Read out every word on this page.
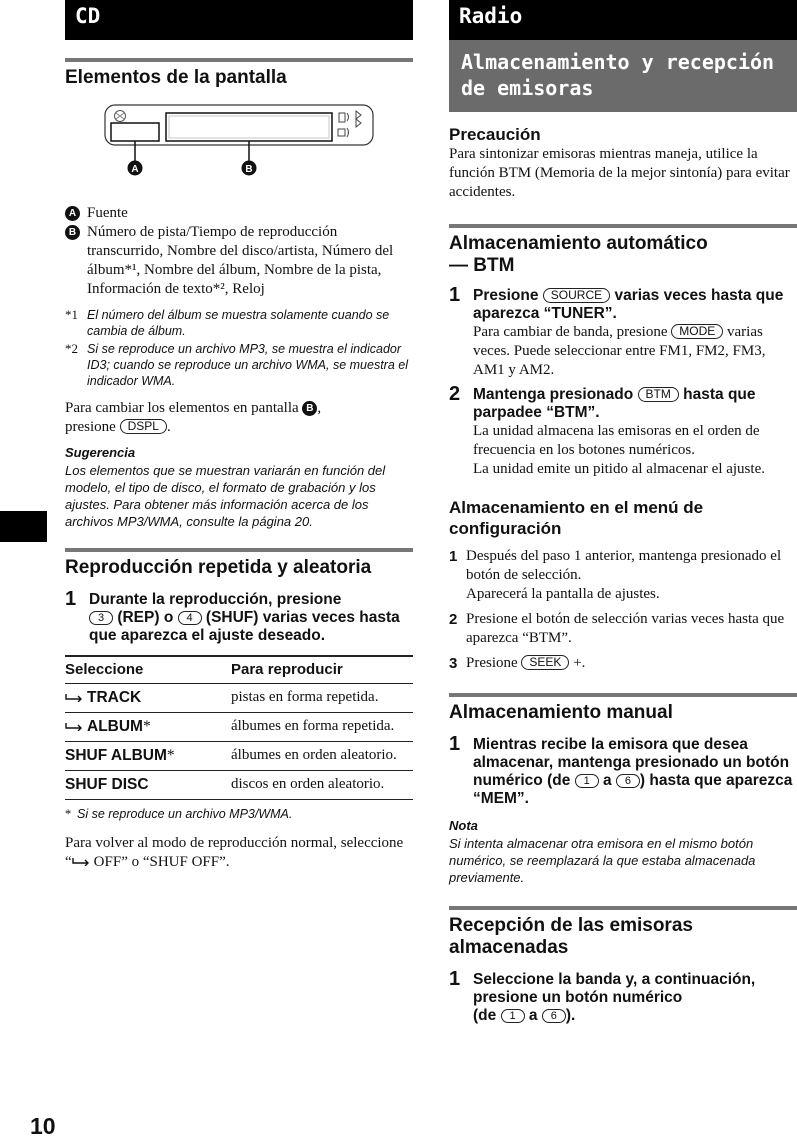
CD
Elementos de la pantalla
A	B
A Fuente
B Número de pista/Tiempo de reproducción transcurrido, Nombre del disco/artista, Número del álbum*¹, Nombre del álbum, Nombre de la pista, Información de texto*², Reloj
*1 El número del álbum se muestra solamente cuando se cambia de álbum.
*2 Si se reproduce un archivo MP3, se muestra el indicador ID3; cuando se reproduce un archivo WMA, se muestra el indicador WMA.
Para cambiar los elementos en pantalla B ,
presione DSPL .
Sugerencia
Los elementos que se muestran variarán en función del modelo, el tipo de disco, el formato de grabación y los ajustes. Para obtener más información acerca de los archivos MP3/WMA, consulte la página 20.
Reproducción repetida y aleatoria
1 Durante la reproducción, presione
3 (REP) o 4 (SHUF) varias veces hasta que aparezca el ajuste deseado.
Seleccione	Para reproducir
TRACK	pistas en forma repetida.
ALBUM*	álbumes en forma repetida.
SHUF ALBUM*	álbumes en orden aleatorio.
SHUF DISC	discos en orden aleatorio.
* Si se reproduce un archivo MP3/WMA.
Para volver al modo de reproducción normal, seleccione “ OFF” o “SHUF OFF”.
10
Radio
Almacenamiento y recepción de emisoras
Precaución
Para sintonizar emisoras mientras maneja, utilice la función BTM (Memoria de la mejor sintonía) para evitar accidentes.
Almacenamiento automático
— BTM
1 Presione SOURCE varias veces hasta que aparezca “TUNER”.
Para cambiar de banda, presione MODE varias veces. Puede seleccionar entre FM1, FM2, FM3, AM1 y AM2.
2 Mantenga presionado BTM hasta que parpadee “BTM”.
La unidad almacena las emisoras en el orden de frecuencia en los botones numéricos.
La unidad emite un pitido al almacenar el ajuste.
Almacenamiento en el menú de configuración
1 Después del paso 1 anterior, mantenga presionado el botón de selección.
Aparecerá la pantalla de ajustes.
2 Presione el botón de selección varias veces hasta que aparezca “BTM”.
3 Presione SEEK +.
Almacenamiento manual
1 Mientras recibe la emisora que desea almacenar, mantenga presionado un botón numérico (de 1 a 6 ) hasta que aparezca “MEM”.
Nota
Si intenta almacenar otra emisora en el mismo botón numérico, se reemplazará la que estaba almacenada previamente.
Recepción de las emisoras almacenadas
1 Seleccione la banda y, a continuación, presione un botón numérico
(de 1 a 6 ).
